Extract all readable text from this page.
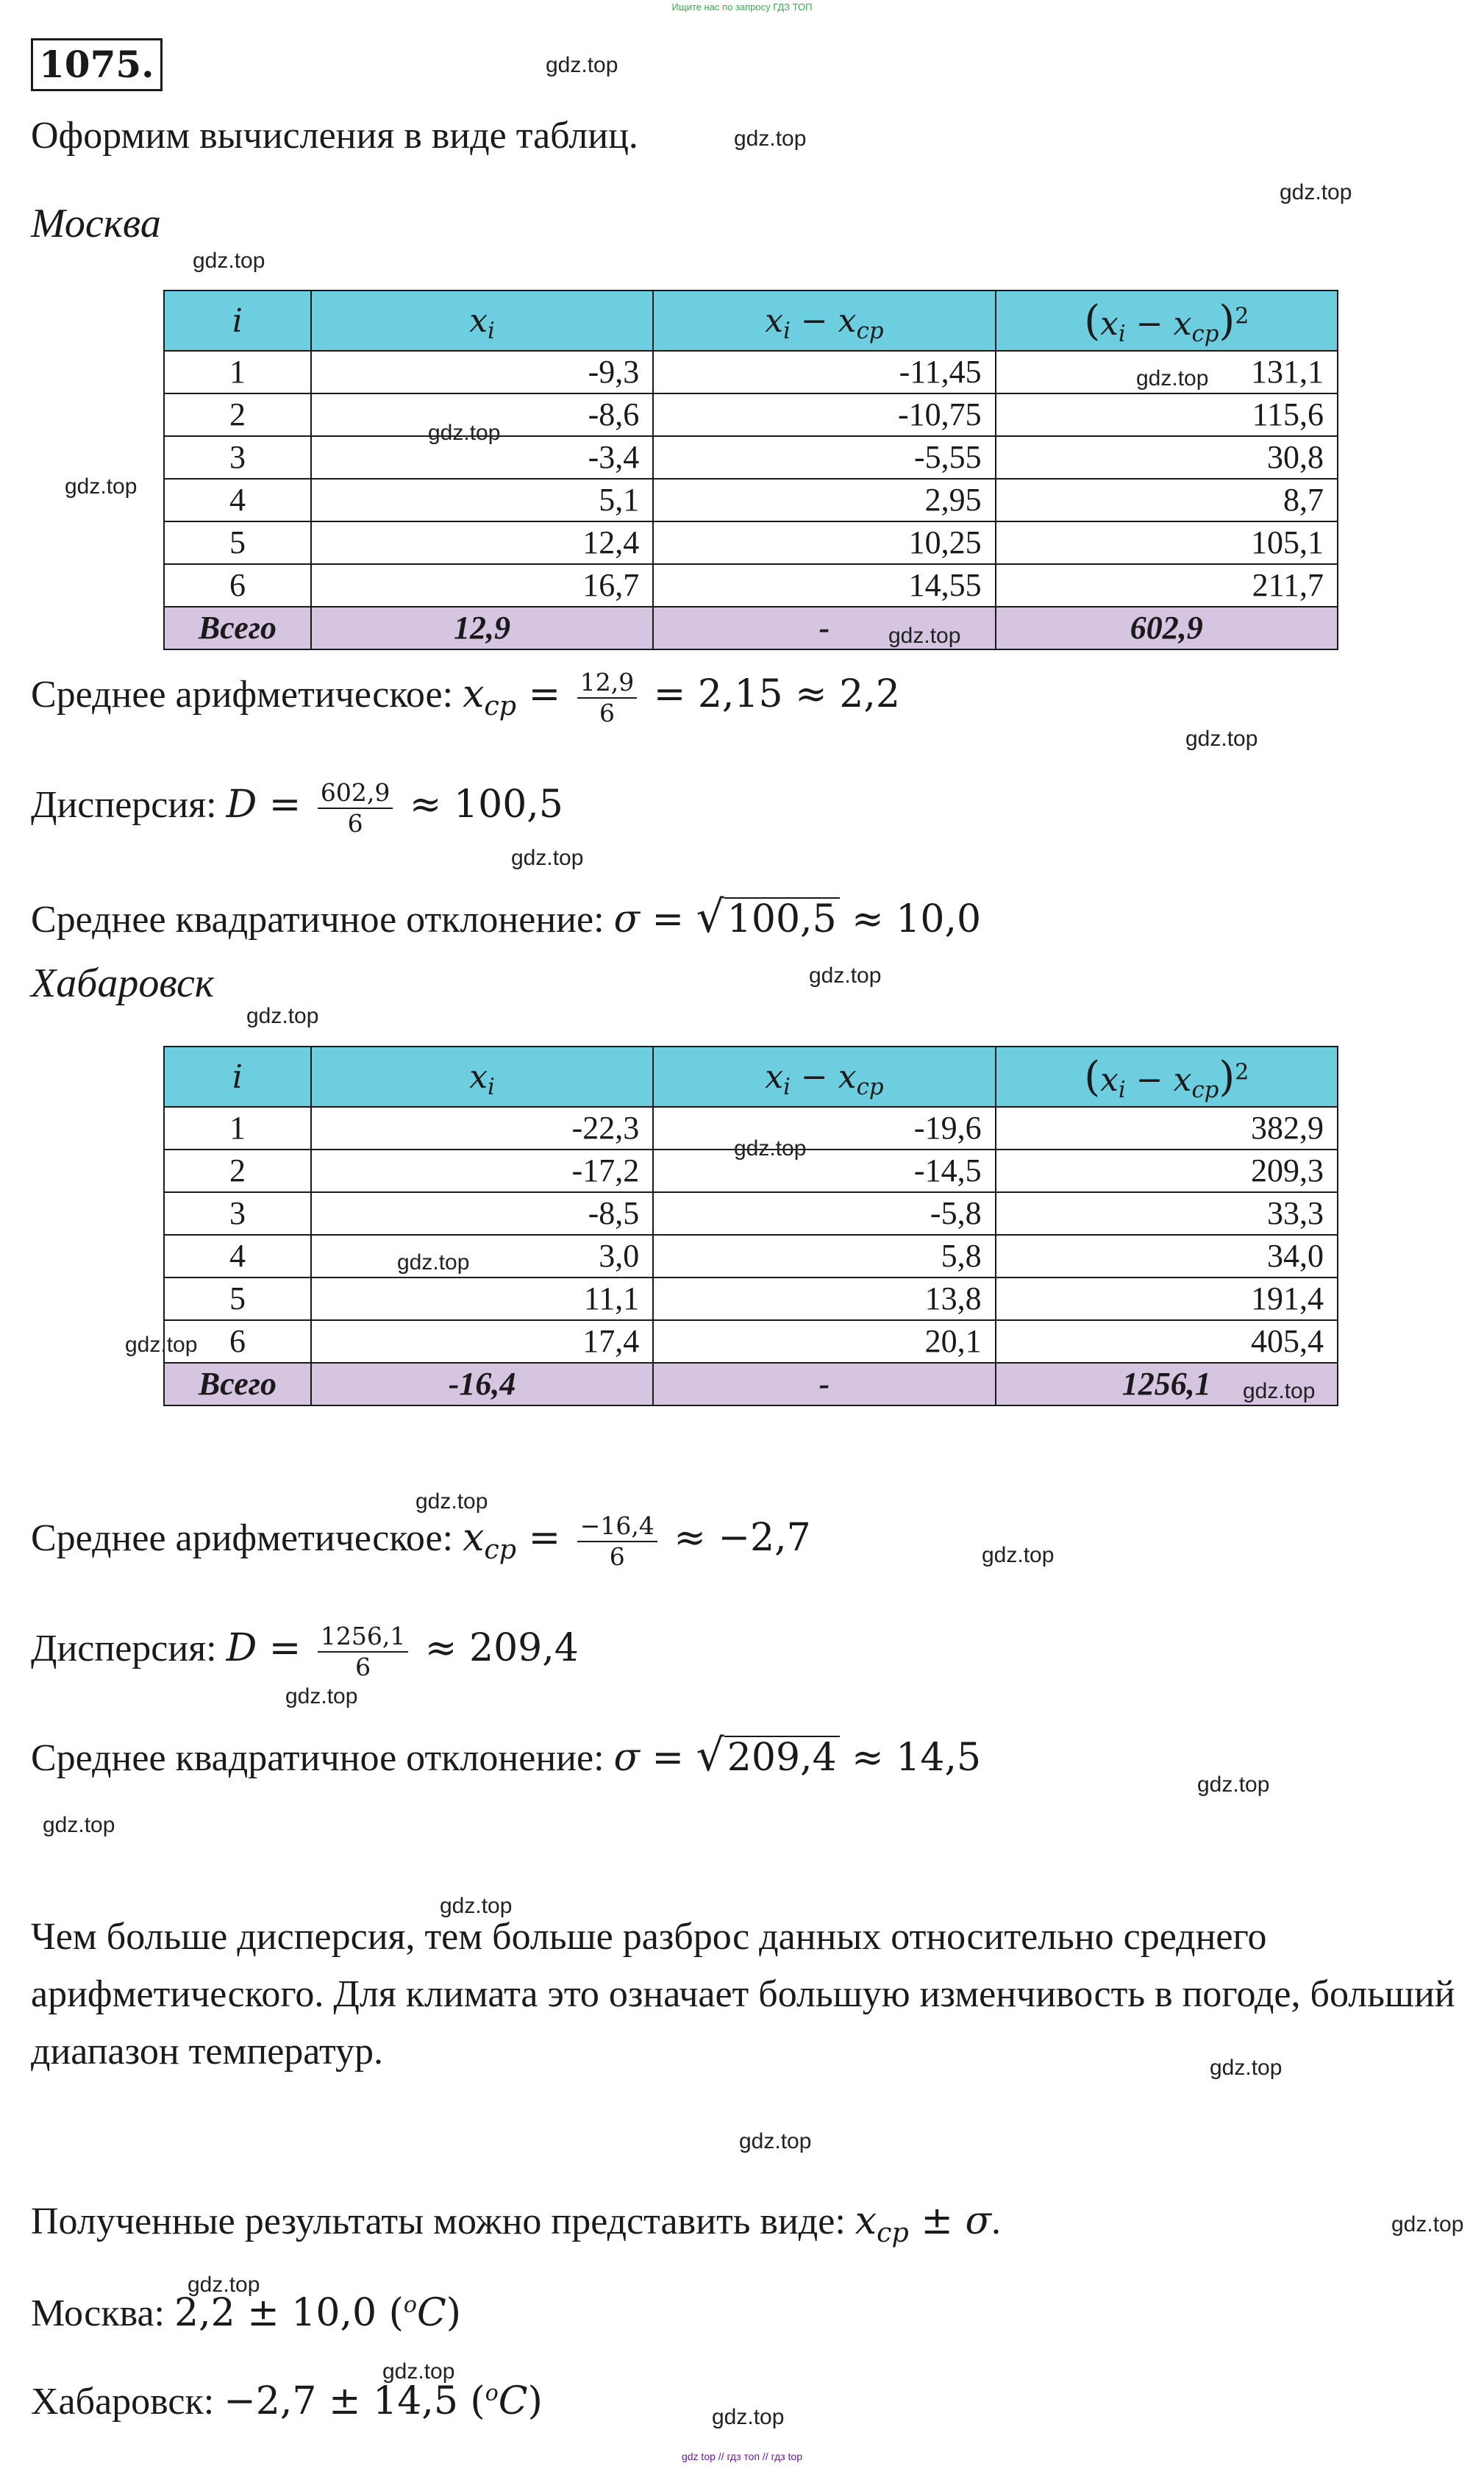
Ищите нас по запросу ГДЗ ТОП
1075.
Оформим вычисления в виде таблиц.
Москва
i	$x_i$	$x_i - x_{cp}$	$(x_i - x_{cp})^2$
1	-9,3	-11,45	131,1
2	-8,6	-10,75	115,6
3	-3,4	-5,55	30,8
4	5,1	2,95	8,7
5	12,4	10,25	105,1
6	16,7	14,55	211,7
Всего	12,9	-	602,9
Среднее арифметическое: $x_{cp} = \frac{12,9}{6} = 2,15 \approx 2,2$
Дисперсия: $D = \frac{602,9}{6} \approx 100,5$
Среднее квадратичное отклонение: σ = √100,5 ≈ 10,0
Хабаровск
i	$x_i$	$x_i - x_{cp}$	$(x_i - x_{cp})^2$
1	-22,3	-19,6	382,9
2	-17,2	-14,5	209,3
3	-8,5	-5,8	33,3
4	3,0	5,8	34,0
5	11,1	13,8	191,4
6	17,4	20,1	405,4
Всего	-16,4	-	1256,1
Среднее арифметическое: $x_{cp} = \frac{-16,4}{6} \approx -2,7$
Дисперсия: $D = \frac{1256,1}{6} \approx 209,4$
Среднее квадратичное отклонение: σ = √209,4 ≈ 14,5
Чем больше дисперсия, тем больше разброс данных относительно среднего арифметического. Для климата это означает большую изменчивость в погоде, больший диапазон температур.
Полученные результаты можно представить виде: $x_{cp} \pm \sigma$.
Москва: 2,2 ± 10,0 ($^o$C)
Хабаровск: −2,7 ± 14,5 ($^o$C)
gdz.top
gdz.top
gdz.top
gdz.top
gdz.top
gdz.top
gdz.top
gdz.top
gdz.top
gdz.top
gdz.top
gdz.top
gdz.top
gdz.top
gdz.top
gdz.top
gdz.top
gdz.top
gdz.top
gdz.top
gdz.top
gdz.top
gdz.top
gdz.top
gdz.top
gdz.top
gdz.top
gdz.top
gdz top // гдз топ // гдз top
